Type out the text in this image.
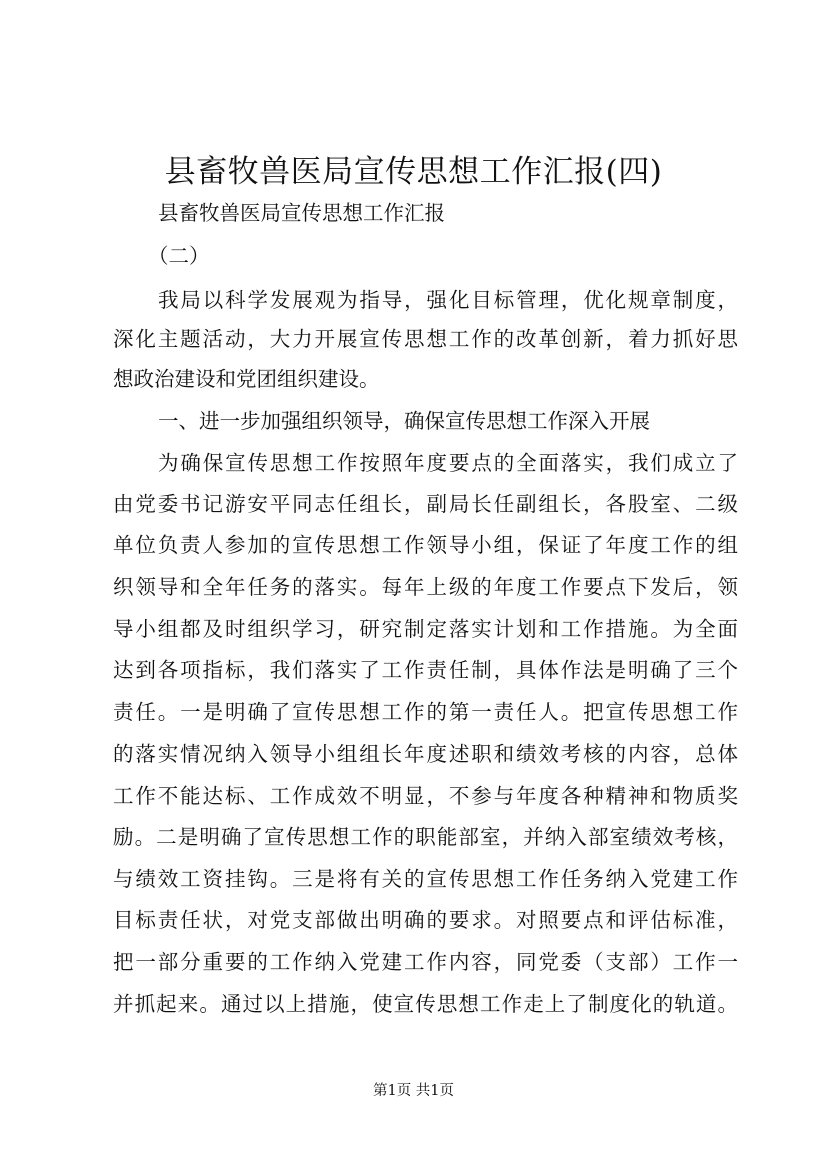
县畜牧兽医局宣传思想工作汇报(四)
县畜牧兽医局宣传思想工作汇报
（二）
我局以科学发展观为指导，强化目标管理，优化规章制度，
深化主题活动，大力开展宣传思想工作的改革创新，着力抓好思
想政治建设和党团组织建设。
一、进一步加强组织领导，确保宣传思想工作深入开展
为确保宣传思想工作按照年度要点的全面落实，我们成立了
由党委书记游安平同志任组长，副局长任副组长，各股室、二级
单位负责人参加的宣传思想工作领导小组，保证了年度工作的组
织领导和全年任务的落实。每年上级的年度工作要点下发后，领
导小组都及时组织学习，研究制定落实计划和工作措施。为全面
达到各项指标，我们落实了工作责任制，具体作法是明确了三个
责任。一是明确了宣传思想工作的第一责任人。把宣传思想工作
的落实情况纳入领导小组组长年度述职和绩效考核的内容，总体
工作不能达标、工作成效不明显，不参与年度各种精神和物质奖
励。二是明确了宣传思想工作的职能部室，并纳入部室绩效考核，
与绩效工资挂钩。三是将有关的宣传思想工作任务纳入党建工作
目标责任状，对党支部做出明确的要求。对照要点和评估标准，
把一部分重要的工作纳入党建工作内容，同党委（支部）工作一
并抓起来。通过以上措施，使宣传思想工作走上了制度化的轨道。
第1页 共1页
